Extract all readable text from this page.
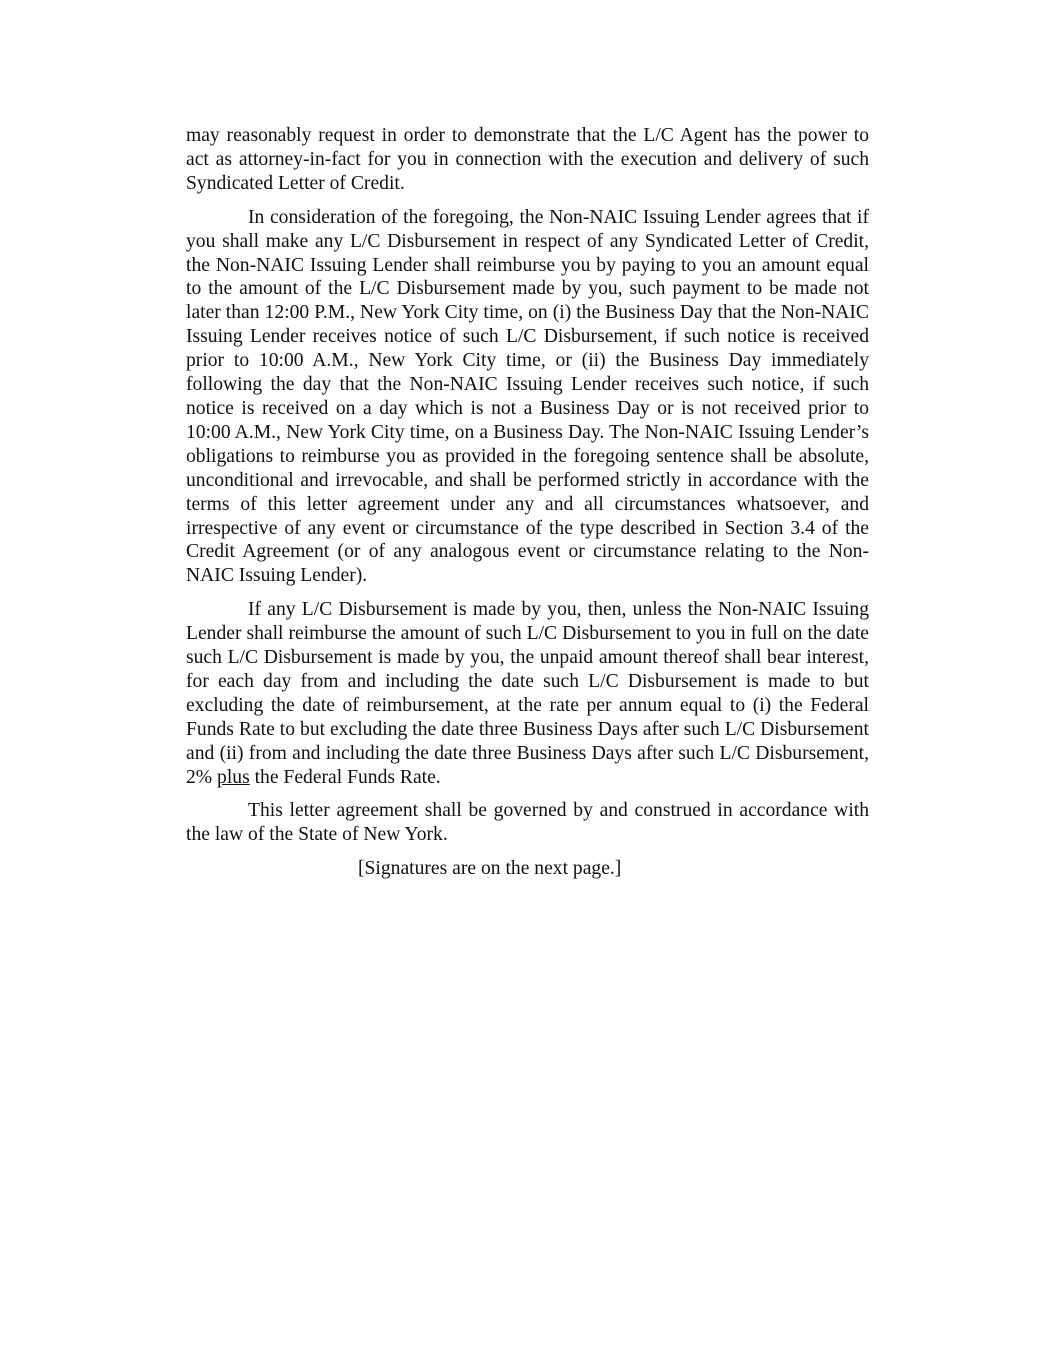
may reasonably request in order to demonstrate that the L/C Agent has the power to act as attorney-in-fact for you in connection with the execution and delivery of such Syndicated Letter of Credit.

In consideration of the foregoing, the Non-NAIC Issuing Lender agrees that if you shall make any L/C Disbursement in respect of any Syndicated Letter of Credit, the Non-NAIC Issuing Lender shall reimburse you by paying to you an amount equal to the amount of the L/C Disbursement made by you, such payment to be made not later than 12:00 P.M., New York City time, on (i) the Business Day that the Non-NAIC Issuing Lender receives notice of such L/C Disbursement, if such notice is received prior to 10:00 A.M., New York City time, or (ii) the Business Day immediately following the day that the Non-NAIC Issuing Lender receives such notice, if such notice is received on a day which is not a Business Day or is not received prior to 10:00 A.M., New York City time, on a Business Day. The Non-NAIC Issuing Lender’s obligations to reimburse you as provided in the foregoing sentence shall be absolute, unconditional and irrevocable, and shall be performed strictly in accordance with the terms of this letter agreement under any and all circumstances whatsoever, and irrespective of any event or circumstance of the type described in Section 3.4 of the Credit Agreement (or of any analogous event or circumstance relating to the Non-NAIC Issuing Lender).

If any L/C Disbursement is made by you, then, unless the Non-NAIC Issuing Lender shall reimburse the amount of such L/C Disbursement to you in full on the date such L/C Disbursement is made by you, the unpaid amount thereof shall bear interest, for each day from and including the date such L/C Disbursement is made to but excluding the date of reimbursement, at the rate per annum equal to (i) the Federal Funds Rate to but excluding the date three Business Days after such L/C Disbursement and (ii) from and including the date three Business Days after such L/C Disbursement, 2% plus the Federal Funds Rate.

This letter agreement shall be governed by and construed in accordance with the law of the State of New York.

[Signatures are on the next page.]
